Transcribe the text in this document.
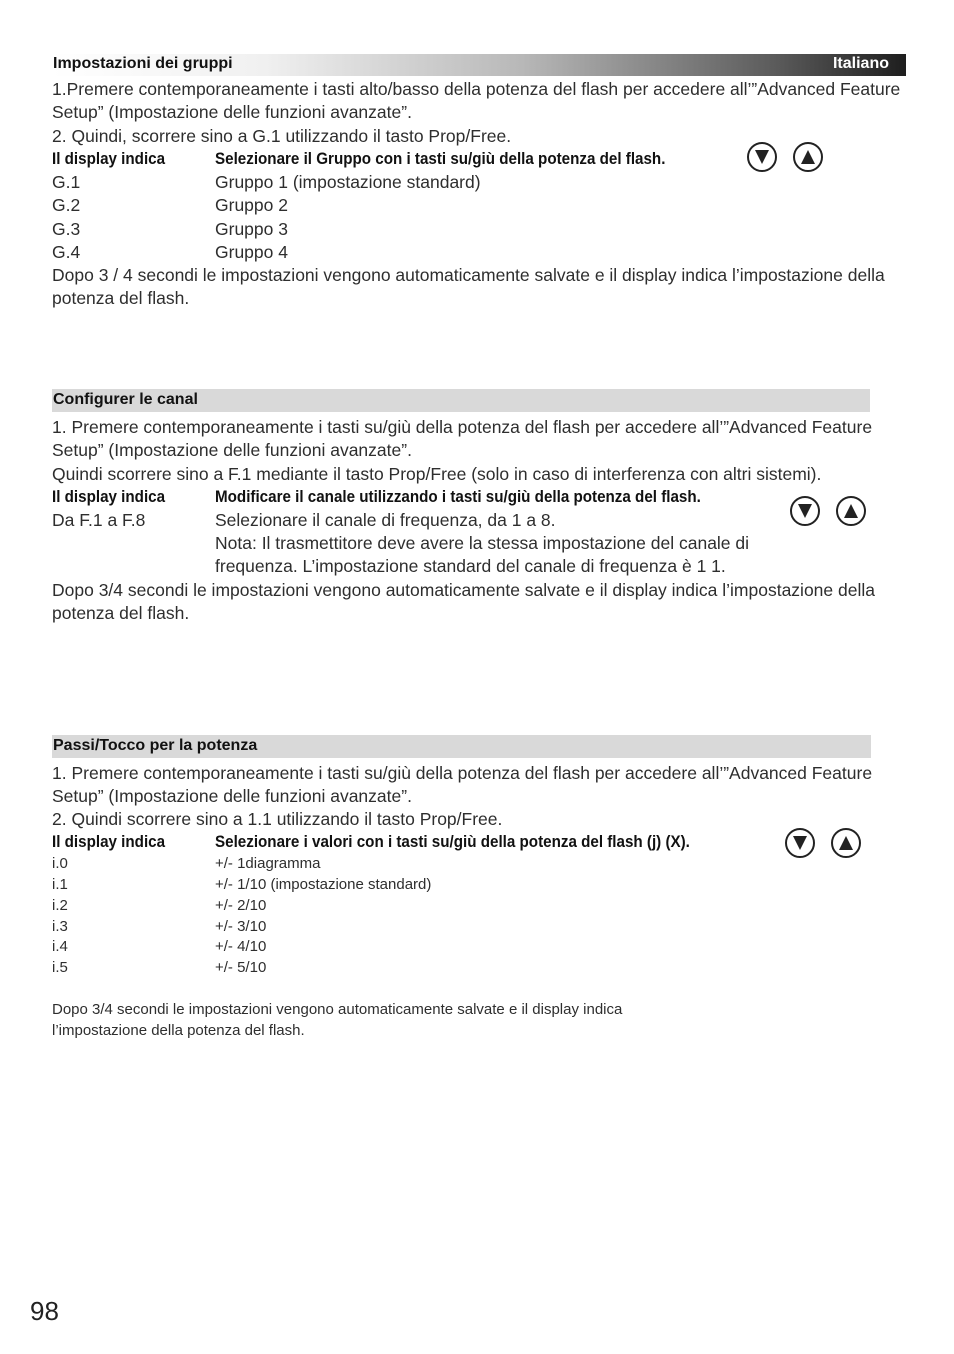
Impostazioni dei gruppi	Italiano
1.Premere contemporaneamente i tasti alto/basso della potenza del flash per accedere all’”Advanced Feature Setup” (Impostazione delle funzioni avanzate”.
2. Quindi, scorrere sino a G.1 utilizzando il tasto Prop/Free.
Il display indica	Selezionare il Gruppo con i tasti su/giù della potenza del flash.
G.1	Gruppo 1 (impostazione standard)
G.2	Gruppo 2
G.3	Gruppo 3
G.4	Gruppo 4
Dopo 3 / 4 secondi le impostazioni vengono automaticamente salvate e il display indica l’impostazione della potenza del flash.
Configurer le canal
1. Premere contemporaneamente i tasti su/giù della potenza del flash per accedere all’”Advanced Feature Setup” (Impostazione delle funzioni avanzate”.
Quindi scorrere sino a F.1 mediante il tasto Prop/Free (solo in caso di interferenza con altri sistemi).
Il display indica	Modificare il canale utilizzando i tasti su/giù della potenza del flash.
Da F.1 a F.8	Selezionare il canale di frequenza, da 1 a 8.
Nota: Il trasmettitore deve avere la stessa impostazione del canale di
frequenza. L’impostazione standard del canale di frequenza è 1 1.
Dopo 3/4 secondi le impostazioni vengono automaticamente salvate e il display indica l’impostazione della potenza del flash.
Passi/Tocco per la potenza
1. Premere contemporaneamente i tasti su/giù della potenza del flash per accedere all’”Advanced Feature Setup” (Impostazione delle funzioni avanzate”.
2. Quindi scorrere sino a 1.1 utilizzando il tasto Prop/Free.
Il display indica	Selezionare i valori con i tasti su/giù della potenza del flash (j) (X).
i.0	+/- 1diagramma
i.1	+/- 1/10 (impostazione standard)
i.2	+/- 2/10
i.3	+/- 3/10
i.4	+/- 4/10
i.5	+/- 5/10
Dopo 3/4 secondi le impostazioni vengono automaticamente salvate e il display indica
l’impostazione della potenza del flash.
98
